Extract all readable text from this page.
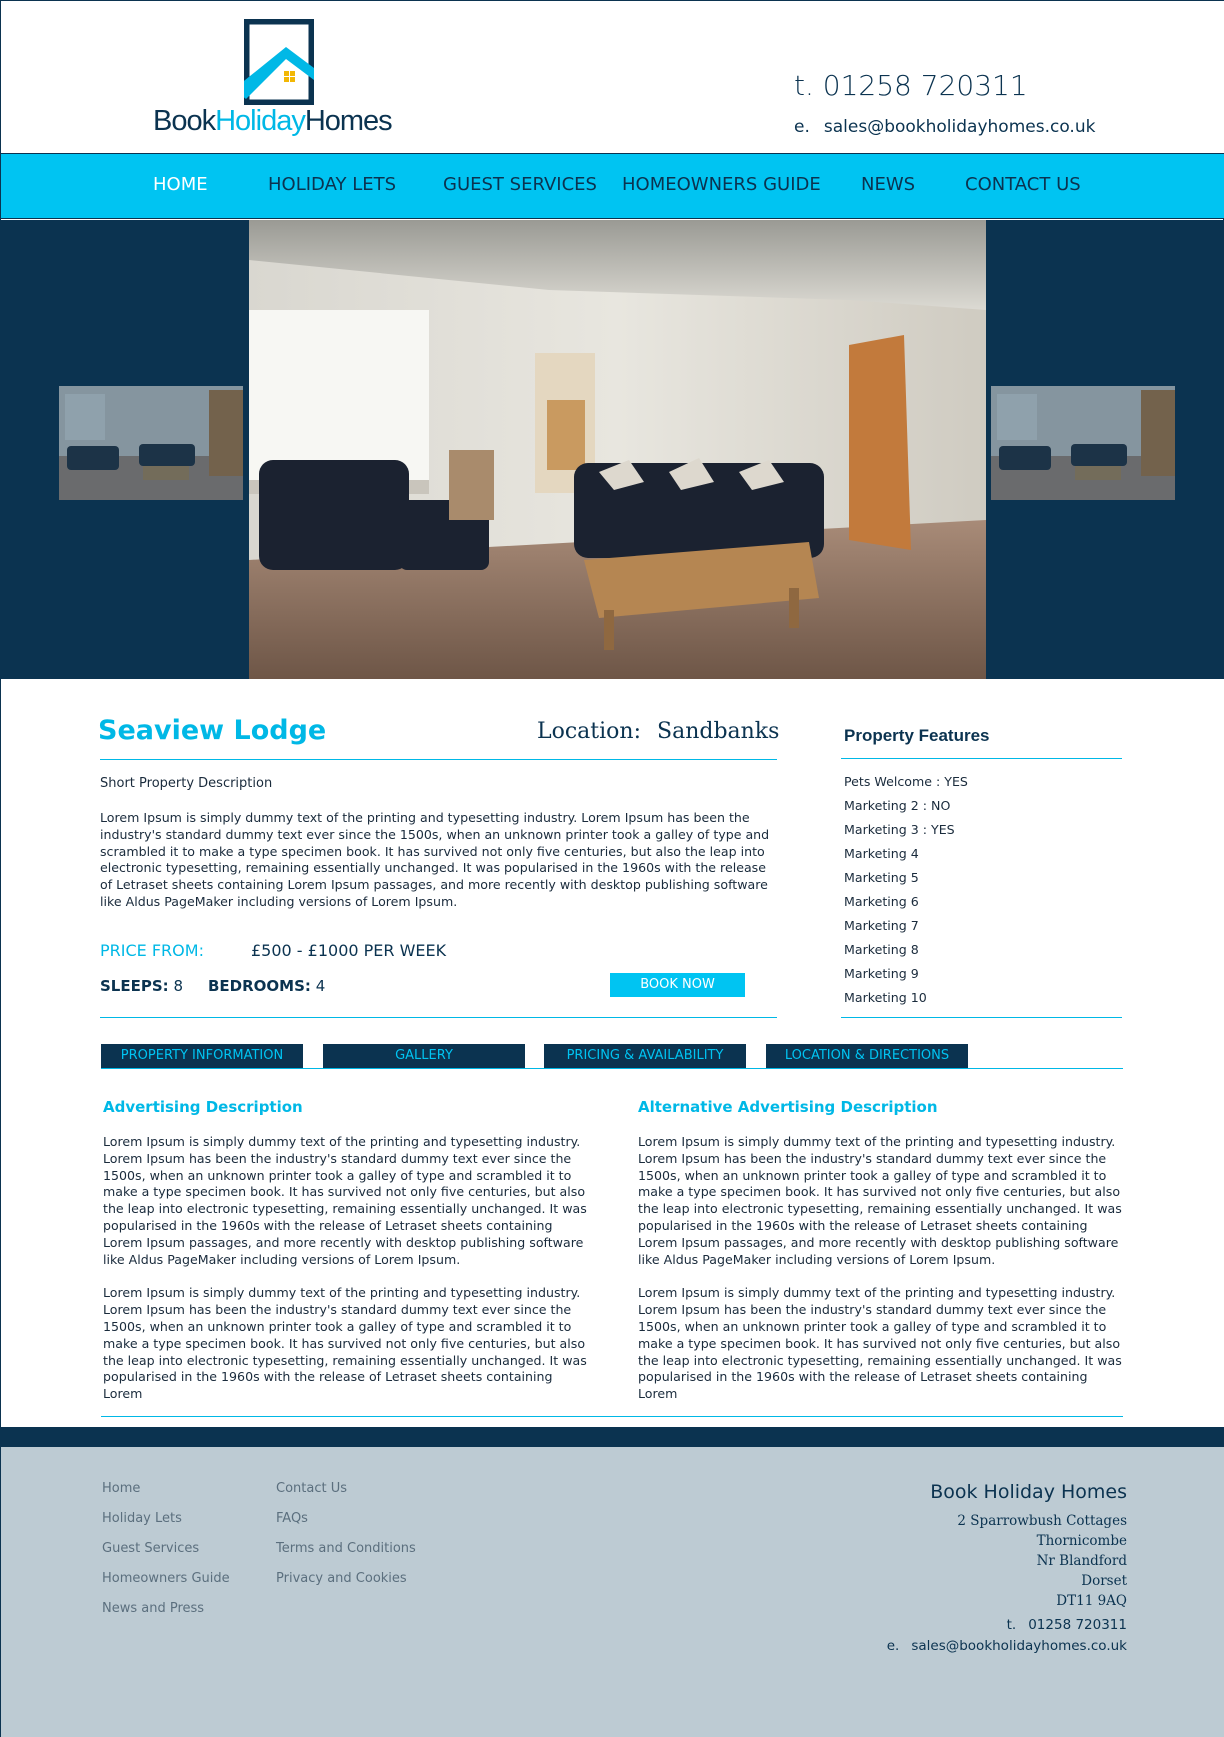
BookHolidayHomes
t. 01258 720311
e. sales@bookholidayhomes.co.uk
HOME	HOLIDAY LETS	GUEST SERVICES HOMEOWNERS GUIDE NEWS	CONTACT US
Seaview Lodge	Location: Sandbanks
Short Property Description

Lorem Ipsum is simply dummy text of the printing and typesetting industry. Lorem Ipsum has been the industry's standard dummy text ever since the 1500s, when an unknown printer took a galley of type and scrambled it to make a type specimen book. It has survived not only five centuries, but also the leap into electronic typesetting, remaining essentially unchanged. It was popularised in the 1960s with the release of Letraset sheets containing Lorem Ipsum passages, and more recently with desktop publishing software like Aldus PageMaker including versions of Lorem Ipsum.

PRICE FROM:	£500 - £1000 PER WEEK
SLEEPS: 8 BEDROOMS: 4	BOOK NOW
Property Features
Pets Welcome : YES
Marketing 2 : NO
Marketing 3 : YES
Marketing 4
Marketing 5
Marketing 6
Marketing 7
Marketing 8
Marketing 9
Marketing 10
PROPERTY INFORMATION	GALLERY	PRICING & AVAILABILITY	LOCATION & DIRECTIONS
Advertising Description

Lorem Ipsum is simply dummy text of the printing and typesetting industry. Lorem Ipsum has been the industry's standard dummy text ever since the 1500s, when an unknown printer took a galley of type and scrambled it to make a type specimen book. It has survived not only five centuries, but also the leap into electronic typesetting, remaining essentially unchanged. It was popularised in the 1960s with the release of Letraset sheets containing Lorem Ipsum passages, and more recently with desktop publishing software like Aldus PageMaker including versions of Lorem Ipsum.

Lorem Ipsum is simply dummy text of the printing and typesetting industry. Lorem Ipsum has been the industry's standard dummy text ever since the 1500s, when an unknown printer took a galley of type and scrambled it to make a type specimen book. It has survived not only five centuries, but also the leap into electronic typesetting, remaining essentially unchanged. It was popularised in the 1960s with the release of Letraset sheets containing Lorem

Alternative Advertising Description

Lorem Ipsum is simply dummy text of the printing and typesetting industry. Lorem Ipsum has been the industry's standard dummy text ever since the 1500s, when an unknown printer took a galley of type and scrambled it to make a type specimen book. It has survived not only five centuries, but also the leap into electronic typesetting, remaining essentially unchanged. It was popularised in the 1960s with the release of Letraset sheets containing Lorem Ipsum passages, and more recently with desktop publishing software like Aldus PageMaker including versions of Lorem Ipsum.

Lorem Ipsum is simply dummy text of the printing and typesetting industry. Lorem Ipsum has been the industry's standard dummy text ever since the 1500s, when an unknown printer took a galley of type and scrambled it to make a type specimen book. It has survived not only five centuries, but also the leap into electronic typesetting, remaining essentially unchanged. It was popularised in the 1960s with the release of Letraset sheets containing Lorem

Home
Holiday Lets
Guest Services
Homeowners Guide
News and Press
Contact Us
FAQs
Terms and Conditions
Privacy and Cookies
Book Holiday Homes
2 Sparrowbush Cottages
Thornicombe
Nr Blandford
Dorset
DT11 9AQ
t. 01258 720311
e. sales@bookholidayhomes.co.uk
